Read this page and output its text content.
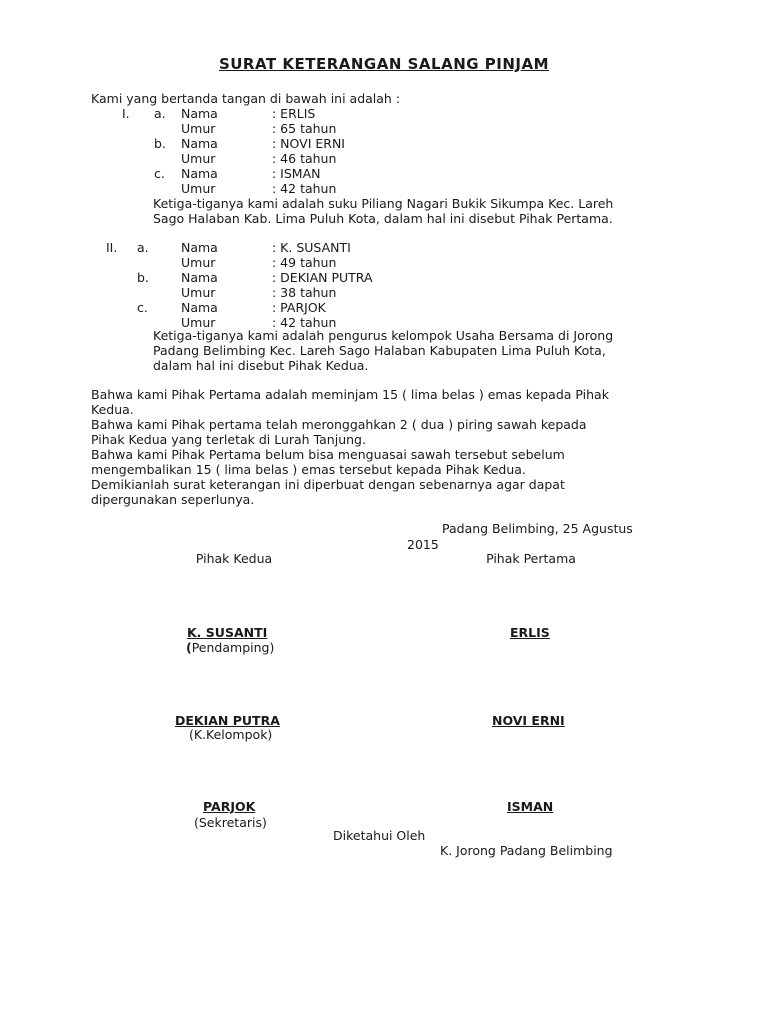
SURAT KETERANGAN SALANG PINJAM
Kami yang bertanda tangan di bawah ini adalah :
I. a. Nama	: ERLIS
Umur	: 65 tahun
b. Nama	: NOVI ERNI
Umur	: 46 tahun
c. Nama	: ISMAN
Umur	: 42 tahun
Ketiga-tiganya kami adalah suku Piliang Nagari Bukik Sikumpa Kec. Lareh
Sago Halaban Kab. Lima Puluh Kota, dalam hal ini disebut Pihak Pertama.
II. a.	Nama	: K. SUSANTI
Umur	: 49 tahun
b.	Nama	: DEKIAN PUTRA
Umur	: 38 tahun
c.	Nama	: PARJOK
Umur	: 42 tahun
Ketiga-tiganya kami adalah pengurus kelompok Usaha Bersama di Jorong
Padang Belimbing Kec. Lareh Sago Halaban Kabupaten Lima Puluh Kota,
dalam hal ini disebut Pihak Kedua.
Bahwa kami Pihak Pertama adalah meminjam 15 ( lima belas ) emas kepada Pihak
Kedua.
Bahwa kami Pihak pertama telah meronggahkan 2 ( dua ) piring sawah kepada
Pihak Kedua yang terletak di Lurah Tanjung.
Bahwa kami Pihak Pertama belum bisa menguasai sawah tersebut sebelum
mengembalikan 15 ( lima belas ) emas tersebut kepada Pihak Kedua.
Demikianlah surat keterangan ini diperbuat dengan sebenarnya agar dapat
dipergunakan seperlunya.
Padang Belimbing, 25 Agustus
2015
Pihak Kedua	Pihak Pertama
K. SUSANTI
(Pendamping)
ERLIS
DEKIAN PUTRA
(K.Kelompok)
NOVI ERNI
PARJOK
(Sekretaris)
ISMAN
Diketahui Oleh
K. Jorong Padang Belimbing
